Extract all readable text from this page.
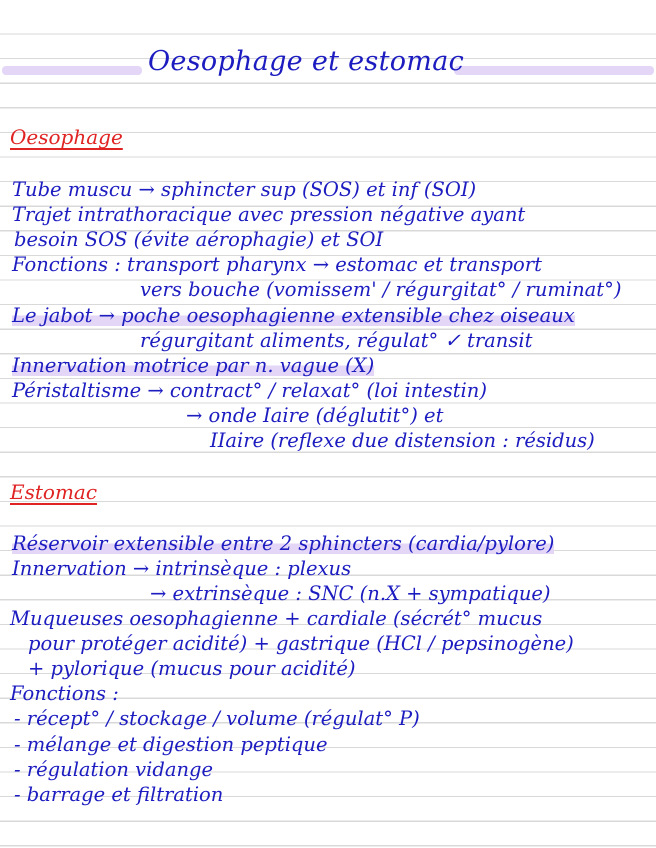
Oesophage et estomac
Oesophage
Tube muscu → sphincter sup (SOS) et inf (SOI)
Trajet intrathoracique avec pression négative ayant
besoin SOS (évite aérophagie) et SOI
Fonctions : transport pharynx → estomac et transport
vers bouche (vomissem' / régurgitat° / ruminat°)
Le jabot → poche oesophagienne extensible chez oiseaux
régurgitant aliments, régulat° ✓ transit
Innervation motrice par n. vague (X)
Péristaltisme → contract° / relaxat° (loi intestin)
→ onde Iaire (déglutit°) et
IIaire (reflexe due distension : résidus)
Estomac
Réservoir extensible entre 2 sphincters (cardia/pylore)
Innervation → intrinsèque : plexus
→ extrinsèque : SNC (n.X + sympatique)
Muqueuses oesophagienne + cardiale (sécrét° mucus
pour protéger acidité) + gastrique (HCl / pepsinogène)
+ pylorique (mucus pour acidité)
Fonctions :
- récept° / stockage / volume (régulat° P)
- mélange et digestion peptique
- régulation vidange
- barrage et filtration
